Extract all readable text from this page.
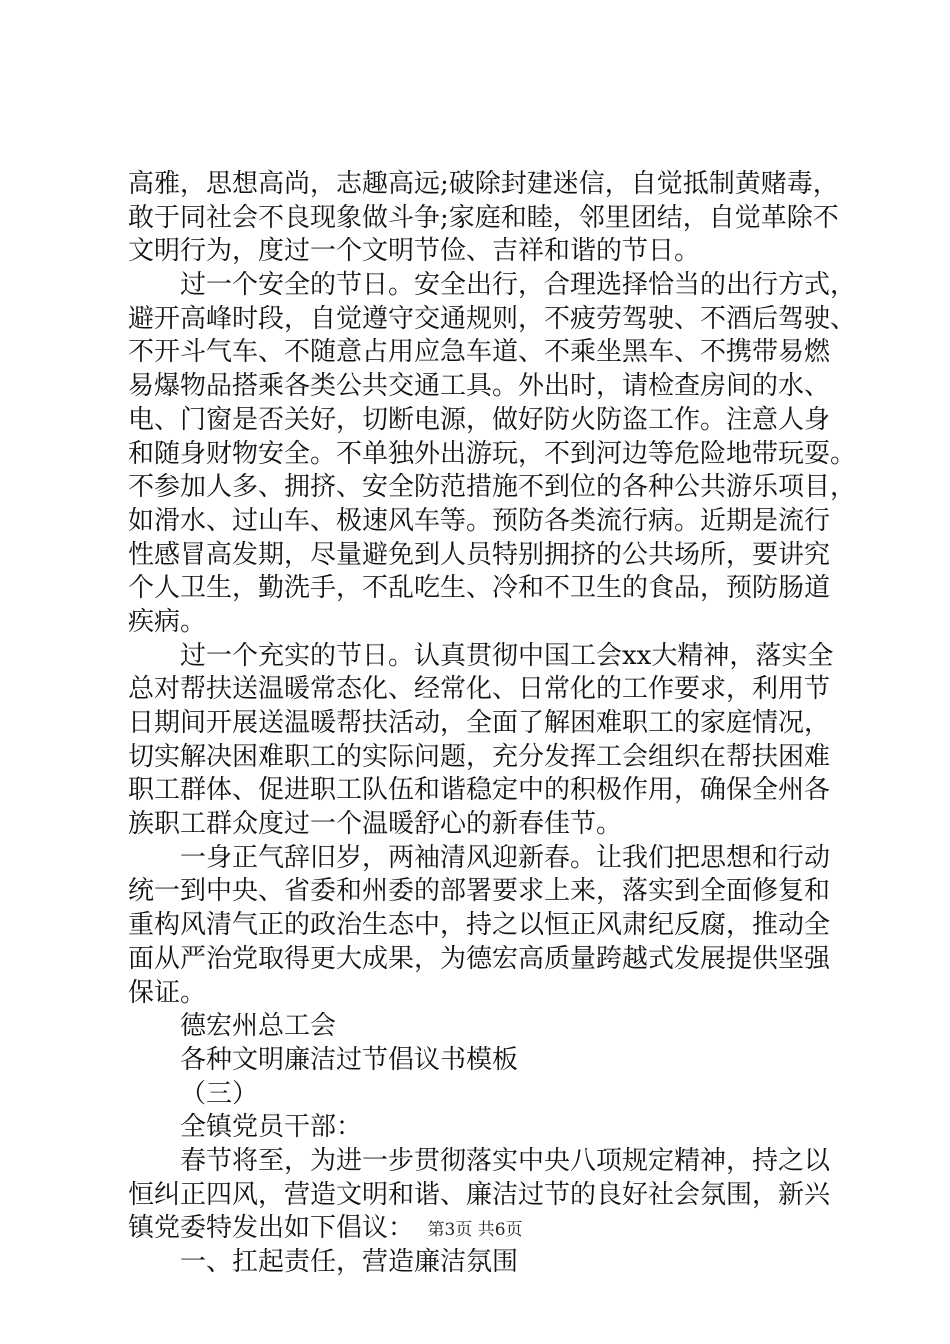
高雅，思想高尚，志趣高远;破除封建迷信，自觉抵制黄赌毒，
敢于同社会不良现象做斗争;家庭和睦，邻里团结，自觉革除不
文明行为，度过一个文明节俭、吉祥和谐的节日。
过一个安全的节日。安全出行，合理选择恰当的出行方式，
避开高峰时段，自觉遵守交通规则，不疲劳驾驶、不酒后驾驶、
不开斗气车、不随意占用应急车道、不乘坐黑车、不携带易燃
易爆物品搭乘各类公共交通工具。外出时，请检查房间的水、
电、门窗是否关好，切断电源，做好防火防盗工作。注意人身
和随身财物安全。不单独外出游玩，不到河边等危险地带玩耍。
不参加人多、拥挤、安全防范措施不到位的各种公共游乐项目，
如滑水、过山车、极速风车等。预防各类流行病。近期是流行
性感冒高发期，尽量避免到人员特别拥挤的公共场所，要讲究
个人卫生，勤洗手，不乱吃生、冷和不卫生的食品，预防肠道
疾病。
过一个充实的节日。认真贯彻中国工会xx大精神，落实全
总对帮扶送温暖常态化、经常化、日常化的工作要求，利用节
日期间开展送温暖帮扶活动，全面了解困难职工的家庭情况，
切实解决困难职工的实际问题，充分发挥工会组织在帮扶困难
职工群体、促进职工队伍和谐稳定中的积极作用，确保全州各
族职工群众度过一个温暖舒心的新春佳节。
一身正气辞旧岁，两袖清风迎新春。让我们把思想和行动
统一到中央、省委和州委的部署要求上来，落实到全面修复和
重构风清气正的政治生态中，持之以恒正风肃纪反腐，推动全
面从严治党取得更大成果，为德宏高质量跨越式发展提供坚强
保证。
德宏州总工会
各种文明廉洁过节倡议书模板
（三）
全镇党员干部：
春节将至，为进一步贯彻落实中央八项规定精神，持之以
恒纠正四风，营造文明和谐、廉洁过节的良好社会氛围，新兴
镇党委特发出如下倡议：
一、扛起责任，营造廉洁氛围
第3页 共6页
